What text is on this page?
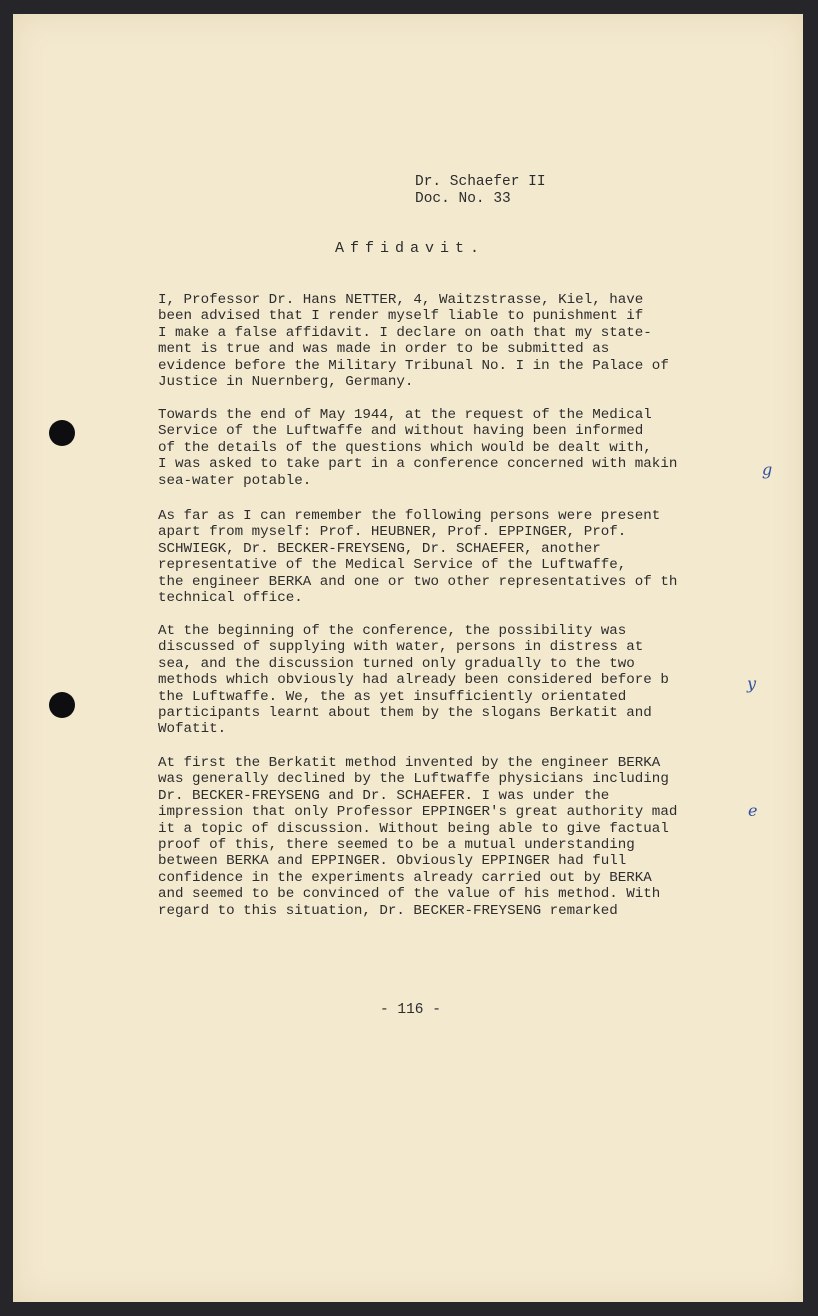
Dr. Schaefer II
Doc. No. 33
Affidavit.
I, Professor Dr. Hans NETTER, 4, Waitzstrasse, Kiel, have
been advised that I render myself liable to punishment if
I make a false affidavit. I declare on oath that my state-
ment is true and was made in order to be submitted as
evidence before the Military Tribunal No. I in the Palace of
Justice in Nuernberg, Germany.
Towards the end of May 1944, at the request of the Medical
Service of the Luftwaffe and without having been informed
of the details of the questions which would be dealt with,
I was asked to take part in a conference concerned with makin
sea-water potable.
As far as I can remember the following persons were present
apart from myself: Prof. HEUBNER, Prof. EPPINGER, Prof.
SCHWIEGK, Dr. BECKER-FREYSENG, Dr. SCHAEFER, another
representative of the Medical Service of the Luftwaffe,
the engineer BERKA and one or two other representatives of th
technical office.
At the beginning of the conference, the possibility was
discussed of supplying with water, persons in distress at
sea, and the discussion turned only gradually to the two
methods which obviously had already been considered before b
the Luftwaffe. We, the as yet insufficiently orientated
participants learnt about them by the slogans Berkatit and
Wofatit.
At first the Berkatit method invented by the engineer BERKA
was generally declined by the Luftwaffe physicians including
Dr. BECKER-FREYSENG and Dr. SCHAEFER. I was under the
impression that only Professor EPPINGER's great authority mad
it a topic of discussion. Without being able to give factual
proof of this, there seemed to be a mutual understanding
between BERKA and EPPINGER. Obviously EPPINGER had full
confidence in the experiments already carried out by BERKA
and seemed to be convinced of the value of his method. With
regard to this situation, Dr. BECKER-FREYSENG remarked
g
y
e
- 116 -
